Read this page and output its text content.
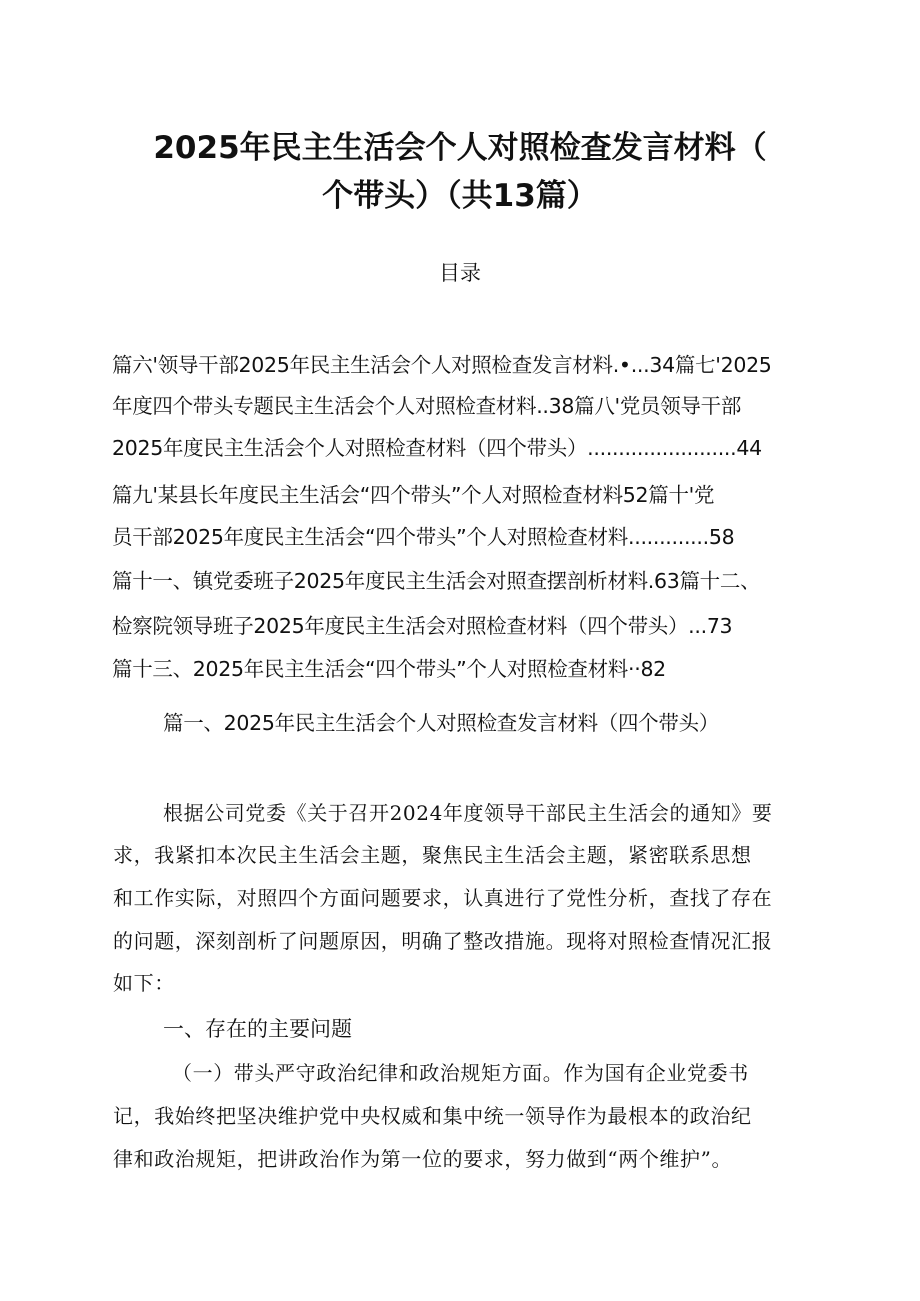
2025年民主生活会个人对照检查发言材料（
个带头）（共13篇）
目录
篇六'领导干部2025年民主生活会个人对照检查发言材料.•...34篇七'2025
年度四个带头专题民主生活会个人对照检查材料..38篇八'党员领导干部
2025年度民主生活会个人对照检查材料（四个带头）........................44
篇九'某县长年度民主生活会“四个带头”个人对照检查材料52篇十'党
员干部2025年度民主生活会“四个带头”个人对照检查材料.............58
篇十一、镇党委班子2025年度民主生活会对照查摆剖析材料.63篇十二、
检察院领导班子2025年度民主生活会对照检查材料（四个带头）...73
篇十三、2025年民主生活会“四个带头”个人对照检查材料··82
篇一、2025年民主生活会个人对照检查发言材料（四个带头）
根据公司党委《关于召开2024年度领导干部民主生活会的通知》要
求，我紧扣本次民主生活会主题，聚焦民主生活会主题，紧密联系思想
和工作实际，对照四个方面问题要求，认真进行了党性分析，查找了存在
的问题，深刻剖析了问题原因，明确了整改措施。现将对照检查情况汇报
如下：
一、存在的主要问题
（一）带头严守政治纪律和政治规矩方面。作为国有企业党委书
记，我始终把坚决维护党中央权威和集中统一领导作为最根本的政治纪
律和政治规矩，把讲政治作为第一位的要求，努力做到“两个维护”。
